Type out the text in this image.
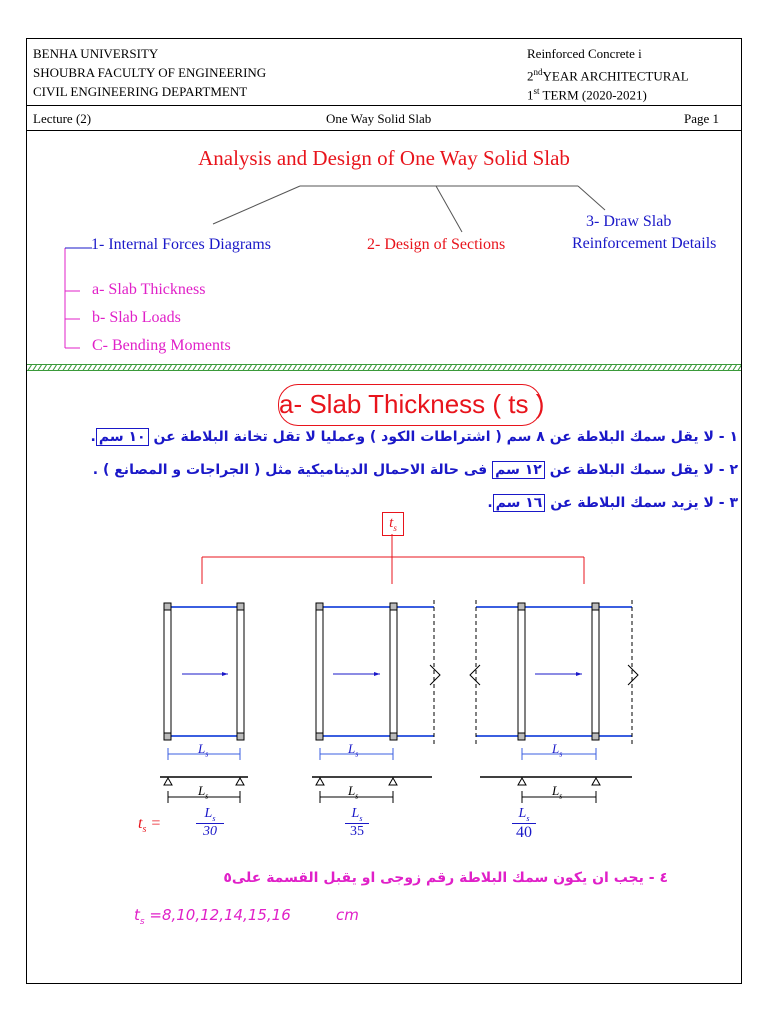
BENHA UNIVERSITY
SHOUBRA FACULTY OF ENGINEERING
CIVIL ENGINEERING DEPARTMENT
Reinforced Concrete i
2ndYEAR ARCHITECTURAL
1st TERM (2020-2021)
Lecture (2)	One Way Solid Slab	Page 1
Analysis and Design of One Way Solid Slab
1- Internal Forces Diagrams	2- Design of Sections
3- Draw Slab
Reinforcement Details
a- Slab Thickness
b- Slab Loads
C- Bending Moments
a- Slab Thickness ( ts )
١ - لا يقل سمك البلاطة عن ٨ سم ( اشتراطات الكود ) وعمليا لا تقل تخانة البلاطة عن ١٠ سم.
٢ - لا يقل سمك البلاطة عن ١٢ سم فى حالة الاحمال الديناميكية مثل ( الجراجات و المصانع ) .
٣ - لا يزيد سمك البلاطة عن ١٦ سم.
$t_s$
$L_s$	$L_s$	$L_s$
$L_s$	$L_s$	$L_s$
$t_s$ =
$L_s$
30
$L_s$
35
$L_s$
40
٤ - يجب ان يكون سمك البلاطة رقم زوجى او يقبل القسمة على٥
$t_s =8,10,12,14,15,16$	cm
